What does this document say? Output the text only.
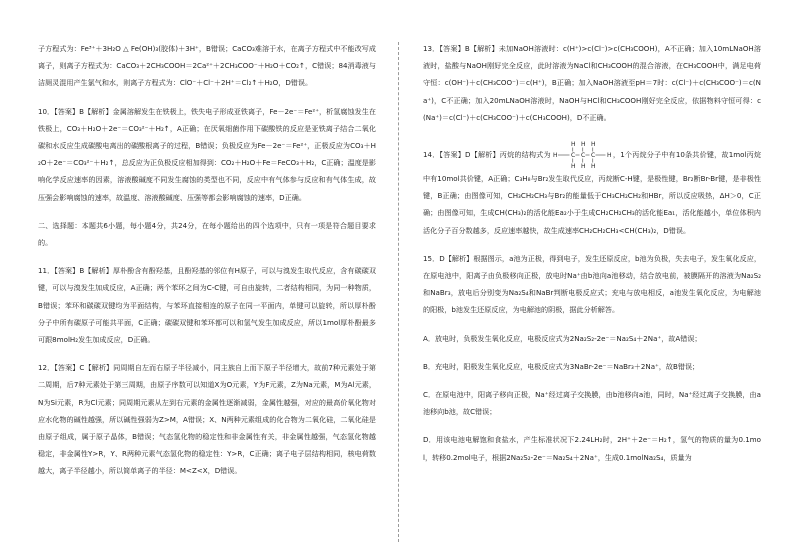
子方程式为：Fe³⁺＋3H₂O △ Fe(OH)₃(胶体)＋3H⁺，B错误；CaCO₃难溶于水，在离子方程式中不能改写成离子，则离子方程式为：CaCO₃＋2CH₃COOH＝2Ca²⁺＋2CH₃COO⁻＋H₂O＋CO₂↑，C错误；84消毒液与洁厕灵混用产生氯气和水，则离子方程式为：ClO⁻＋Cl⁻＋2H⁺＝Cl₂↑＋H₂O，D错误。

10．【答案】B【解析】金属溶解发生在铁极上，铁失电子形成亚铁离子，Fe－2e⁻＝Fe²⁺，析氢腐蚀发生在铁极上，CO₃＋H₂O＋2e⁻＝CO₃²⁻＋H₂↑，A正确；在厌氧细菌作用下碳酸铁的反应是亚铁离子结合二氧化碳和水反应生成碳酸电离出的碳酸根离子的过程，B错误；负极反应为Fe－2e⁻＝Fe²⁺，正极反应为CO₃＋H₂O＋2e⁻＝CO₃²⁻＋H₂↑，总反应为正负极反应相加得到：CO₂＋H₂O＋Fe＝FeCO₃＋H₂，C正确；温度是影响化学反应速率的因素，溶液酸碱度不同发生腐蚀的类型也不同，反应中有气体参与反应和有气体生成，故压强会影响腐蚀的速率，故温度、溶液酸碱度、压强等都会影响腐蚀的速率，D正确。

二、选择题：本题共6小题，每小题4分，共24分，在每小题给出的四个选项中，只有一项是符合题目要求的。

11．【答案】B【解析】厚朴酚含有酚羟基，且酚羟基的邻位有H原子，可以与溴发生取代反应，含有碳碳双键，可以与溴发生加成反应，A正确；两个苯环之间为C-C键，可自由旋转，二者结构相同，为同一种物质，B错误；苯环和碳碳双键均为平面结构，与苯环直接相连的原子在同一平面内，单键可以旋转，所以厚朴酚分子中所有碳原子可能共平面，C正确；碳碳双键和苯环都可以和氢气发生加成反应，所以1mol厚朴酚最多可跟8molH₂发生加成反应，D正确。

12．【答案】C【解析】同周期自左而右原子半径减小，同主族自上而下原子半径增大，故前7种元素处于第二周期，后7种元素处于第三周期，由原子序数可以知道X为O元素，Y为F元素，Z为Na元素，M为Al元素，N为Si元素，R为Cl元素；同周期元素从左到右元素的金属性逐渐减弱，金属性越强，对应的最高价氧化物对应水化物的碱性越强，所以碱性强弱为Z>M，A错误；X、N两种元素组成的化合物为二氧化硅，二氧化硅是由原子组成，属于原子晶体，B错误；气态氢化物的稳定性和非金属性有关，非金属性越强，气态氢化物越稳定，非金属性Y>R，Y、R两种元素气态氢化物的稳定性：Y>R，C正确；离子电子层结构相同，核电荷数越大，离子半径越小，所以简单离子的半径：M<Z<X，D错误。

13．【答案】B【解析】未加NaOH溶液时：c(H⁺)>c(Cl⁻)>c(CH₃COOH)，A不正确；加入10mLNaOH溶液时，盐酸与NaOH刚好完全反应，此时溶液为NaCl和CH₃COOH的混合溶液，在CH₃COOH中，满足电荷守恒：c(OH⁻)＋c(CH₃COO⁻)＝c(H⁺)，B正确；加入NaOH溶液至pH＝7时：c(Cl⁻)＋c(CH₃COO⁻)＝c(Na⁺)，C不正确；加入20mLNaOH溶液时，NaOH与HCl和CH₃COOH刚好完全反应，依据物料守恒可得：c(Na⁺)＝c(Cl⁻)＋c(CH₃COO⁻)＋c(CH₃COOH)，D不正确。

14．【答案】D【解析】丙烷的结构式为
H H H
H C C C H
H H H
，1个丙烷分子中有10条共价键，故1mol丙烷中有10mol共价键，A正确；C₃H₈与Br₂发生取代反应，丙烷断C-H键，是极性键，Br₂断Br-Br键，是非极性键，B正确；由图像可知，CH₃CH₂CH₃与Br₂的能量低于CH₃CH₂CH₂和HBr，所以反应吸热，ΔH＞0，C正确；由图像可知，生成CH(CH₃)₂的活化能Ea₂小于生成CH₂CH₂CH₃的活化能Ea₁，活化能越小，单位体积内活化分子百分数越多，反应速率越快，故生成速率CH₂CH₂CH₃<CH(CH₃)₂，D错误。

15．D【解析】根据图示，a池为正极，得到电子，发生还原反应，b池为负极，失去电子，发生氧化反应，在原电池中，阳离子由负极移向正极，放电时Na⁺由b池向a池移动，结合放电前，被膜隔开的溶液为Na₂S₂和NaBr₃，放电后分别变为Na₂S₄和NaBr判断电极反应式；充电与放电相反，a池发生氧化反应，为电解池的阳极，b池发生还原反应，为电解池的阴极，据此分析解答。

A．放电时，负极发生氧化反应，电极反应式为2Na₂S₂-2e⁻＝Na₂S₄＋2Na⁺，故A错误；

B．充电时，阳极发生氧化反应，电极反应式为3NaBr-2e⁻＝NaBr₃＋2Na⁺，故B错误；

C．在原电池中，阳离子移向正极，Na⁺经过离子交换膜，由b池移向a池，同时，Na⁺经过离子交换膜，由a池移向b池，故C错误；

D．用该电池电解饱和食盐水，产生标准状况下2.24LH₂时，2H⁺＋2e⁻＝H₂↑，氢气的物质的量为0.1mol，转移0.2mol电子，根据2Na₂S₂-2e⁻＝Na₂S₄＋2Na⁺，生成0.1molNa₂S₄，质量为
